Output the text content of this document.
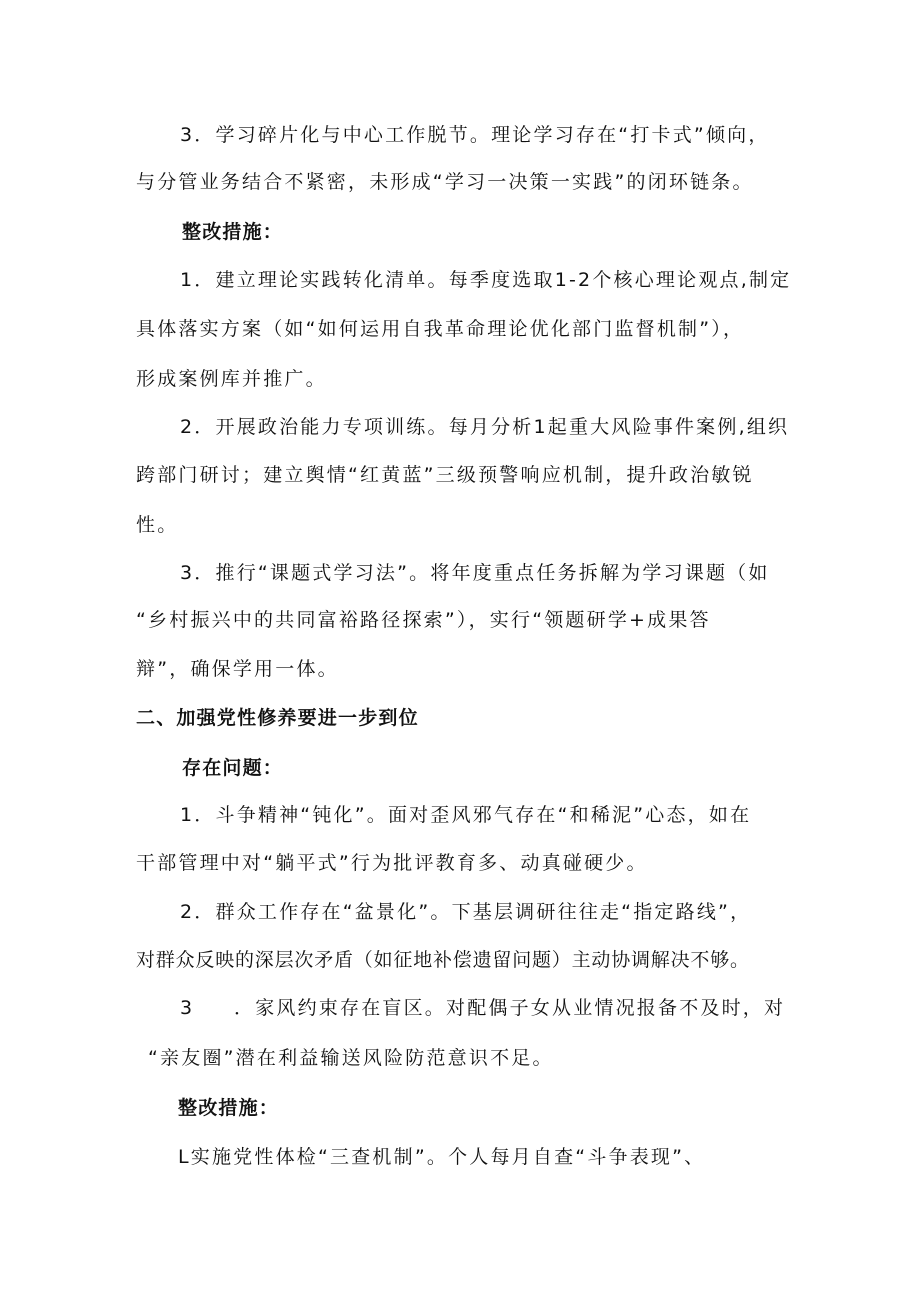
3．学习碎片化与中心工作脱节。理论学习存在“打卡式”倾向，
与分管业务结合不紧密，未形成“学习一决策一实践”的闭环链条。
整改措施：
1．建立理论实践转化清单。每季度选取1-2个核心理论观点,制定
具体落实方案（如“如何运用自我革命理论优化部门监督机制”），
形成案例库并推广。
2．开展政治能力专项训练。每月分析1起重大风险事件案例,组织
跨部门研讨；建立舆情“红黄蓝”三级预警响应机制，提升政治敏锐
性。
3．推行“课题式学习法”。将年度重点任务拆解为学习课题（如
“乡村振兴中的共同富裕路径探索”），实行“领题研学+成果答
辩”，确保学用一体。
二、加强党性修养要进一步到位
存在问题：
1．斗争精神“钝化”。面对歪风邪气存在“和稀泥”心态，如在
干部管理中对“躺平式”行为批评教育多、动真碰硬少。
2．群众工作存在“盆景化”。下基层调研往往走“指定路线”，
对群众反映的深层次矛盾（如征地补偿遗留问题）主动协调解决不够。
3 ．家风约束存在盲区。对配偶子女从业情况报备不及时，对
“亲友圈”潜在利益输送风险防范意识不足。
整改措施：
L实施党性体检“三查机制”。个人每月自查“斗争表现”、
